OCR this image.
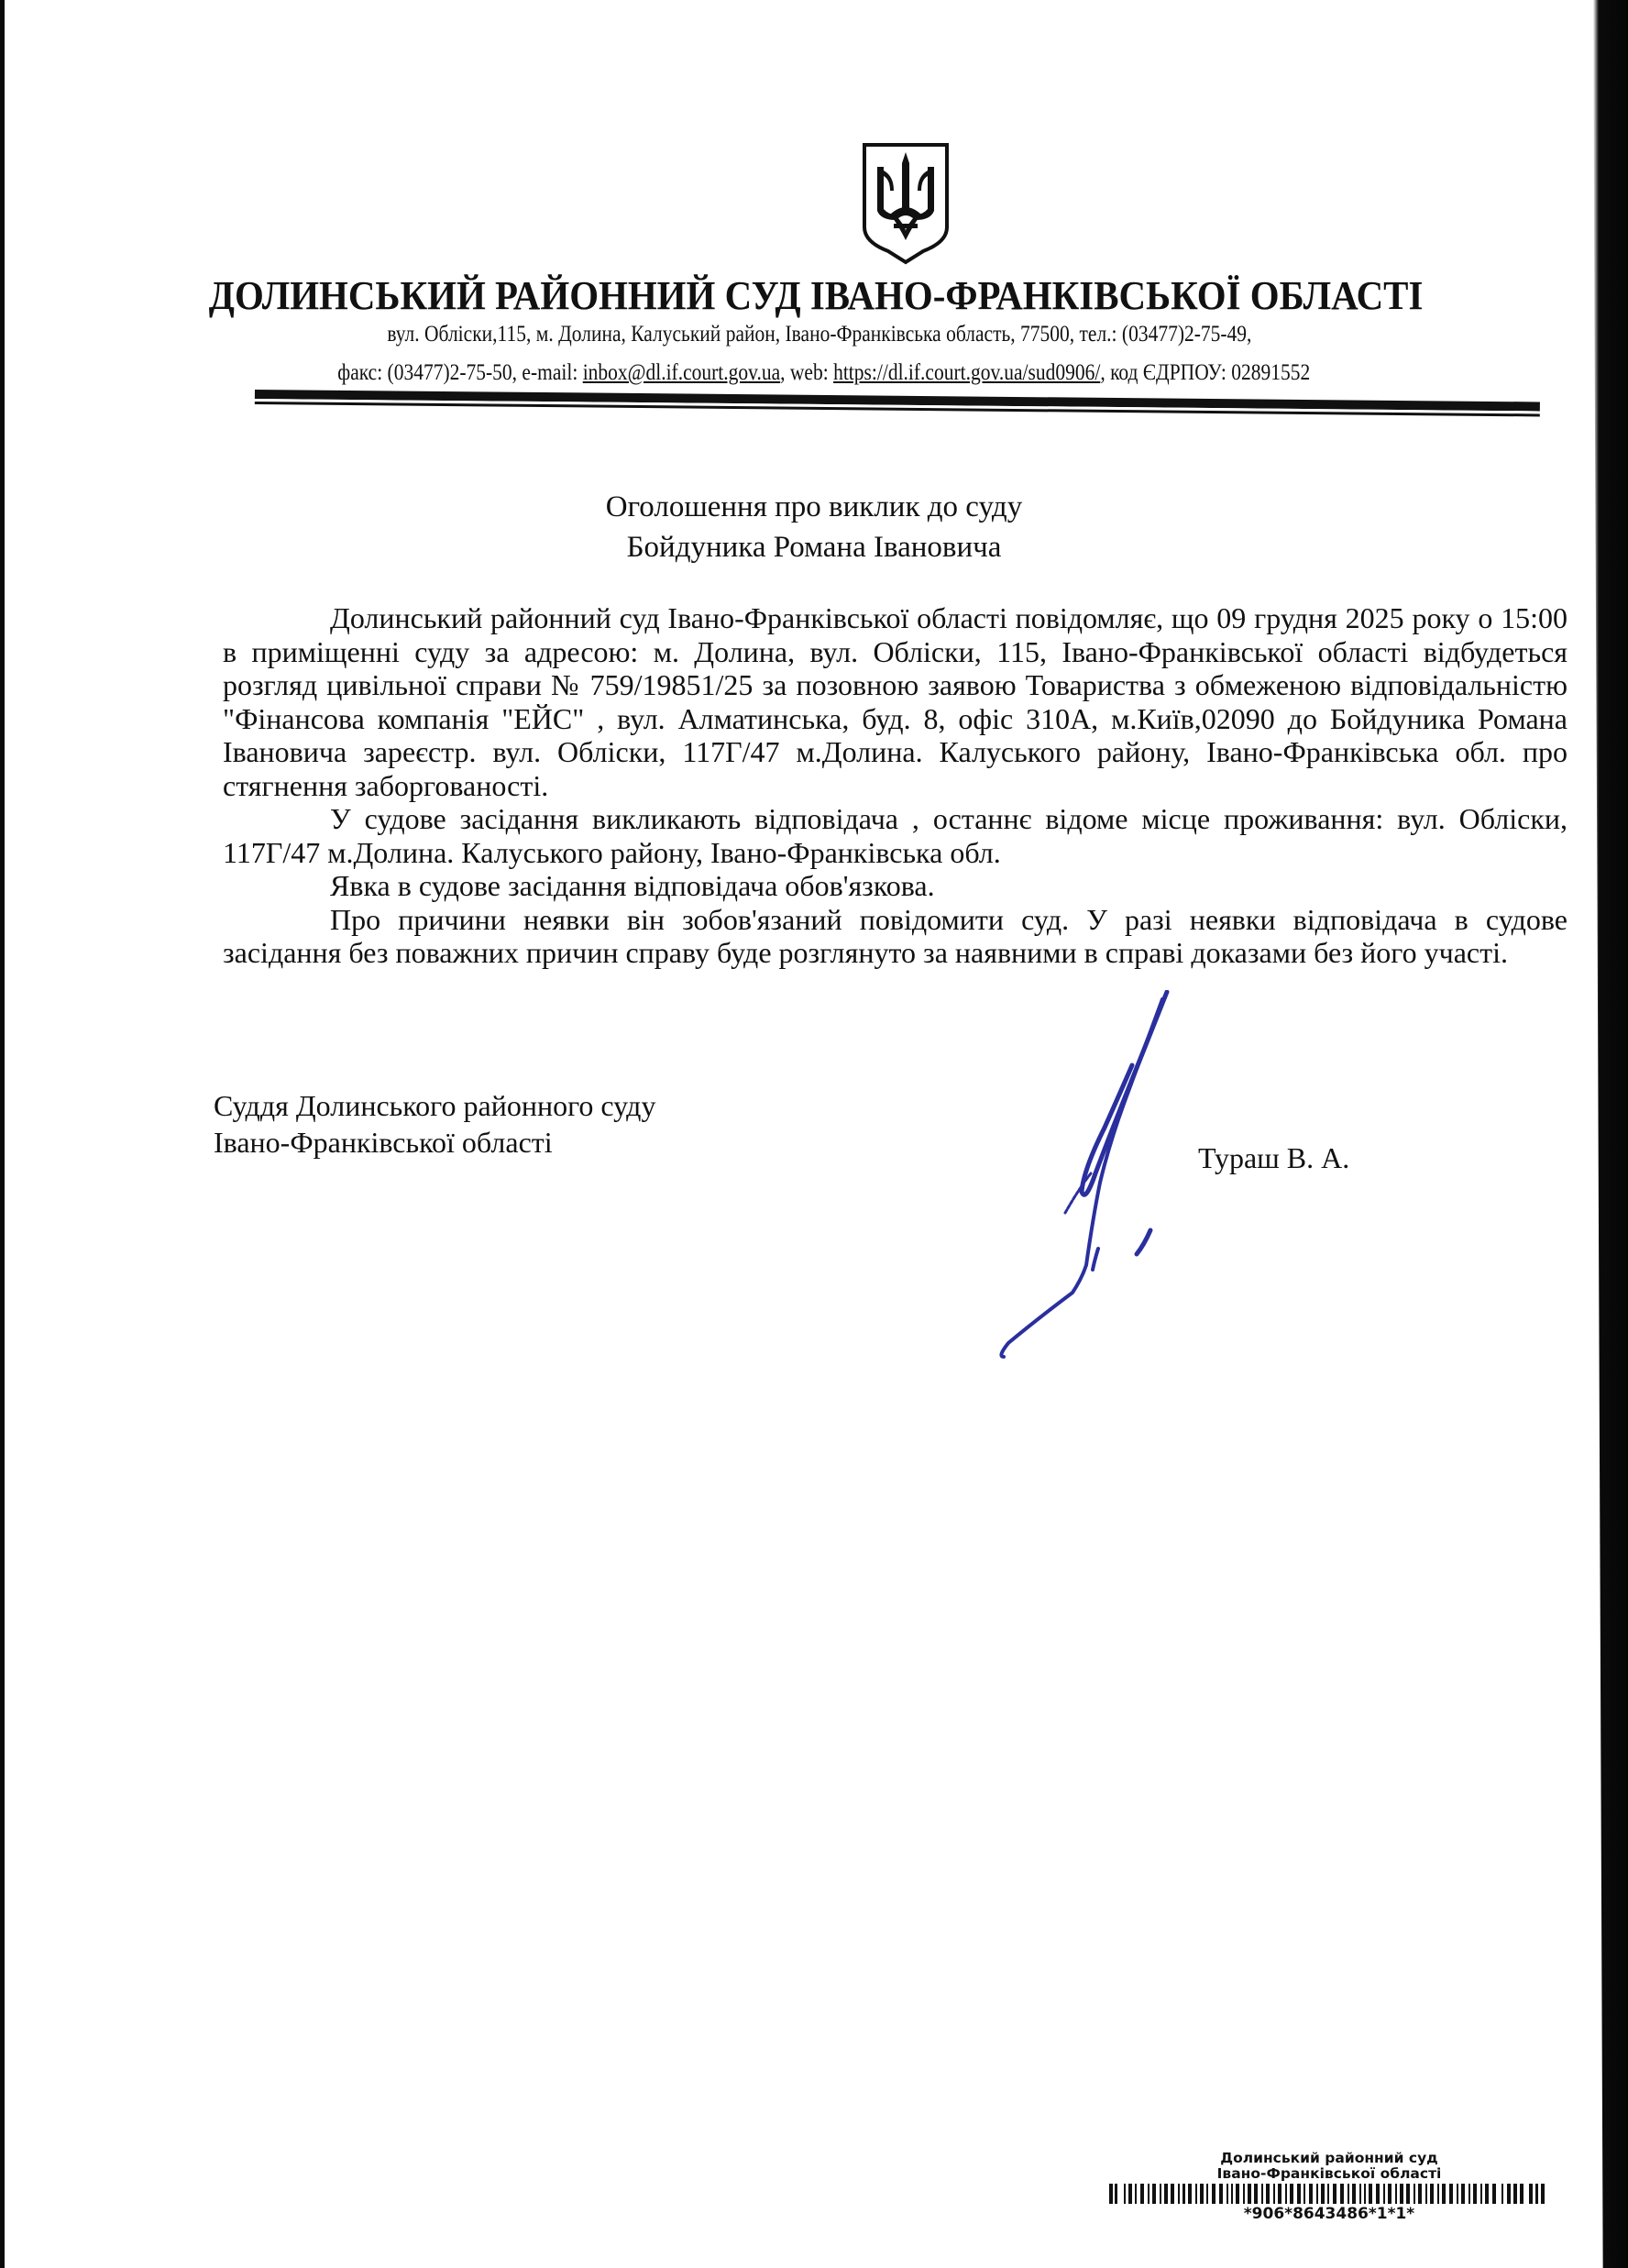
ДОЛИНСЬКИЙ РАЙОННИЙ СУД ІВАНО-ФРАНКІВСЬКОЇ ОБЛАСТІ
вул. Обліски,115, м. Долина, Калуський район, Івано-Франківська область, 77500, тел.: (03477)2-75-49,
факс: (03477)2-75-50, e-mail: inbox@dl.if.court.gov.ua, web: https://dl.if.court.gov.ua/sud0906/, код ЄДРПОУ: 02891552
Оголошення про виклик до суду
Бойдуника Романа Івановича

Долинський районний суд Івано-Франківської області повідомляє, що 09 грудня 2025 року о 15:00 в приміщенні суду за адресою: м. Долина, вул. Обліски, 115, Івано-Франківської області відбудеться розгляд цивільної справи № 759/19851/25 за позовною заявою Товариства з обмеженою відповідальністю "Фінансова компанія "ЕЙС" , вул. Алматинська, буд. 8, офіс 310А, м.Київ,02090 до Бойдуника Романа Івановича зареєстр. вул. Обліски, 117Г/47 м.Долина. Калуського району, Івано-Франківська обл. про стягнення заборгованості.

У судове засідання викликають відповідача , останнє відоме місце проживання: вул. Обліски, 117Г/47 м.Долина. Калуського району, Івано-Франківська обл.

Явка в судове засідання відповідача обов'язкова.

Про причини неявки він зобов'язаний повідомити суд. У разі неявки відповідача в судове засідання без поважних причин справу буде розглянуто за наявними в справі доказами без його участі.

Суддя Долинського районного суду
Івано-Франківської області	Тураш В. А.
Долинський районний суд
Івано-Франківської області
*906*8643486*1*1*
